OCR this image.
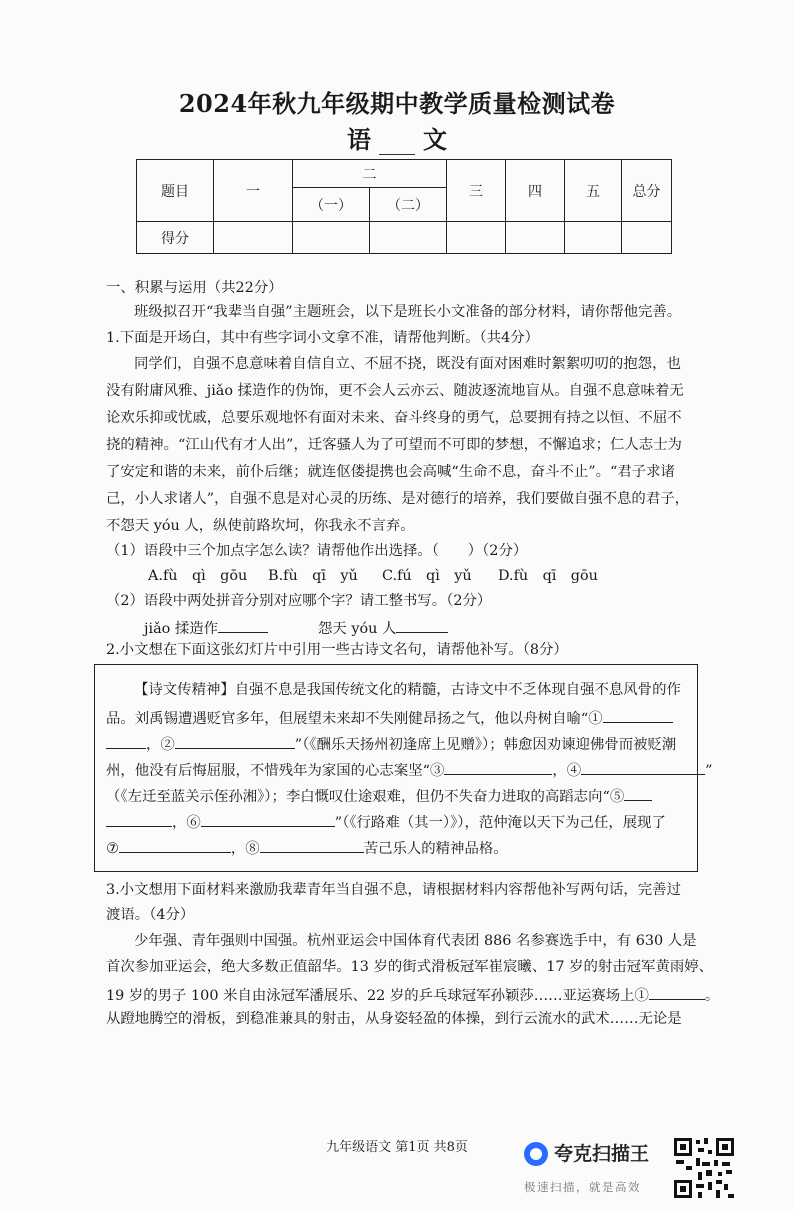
2024年秋九年级期中教学质量检测试卷
语 文
题目	一	二		三	四	五	总分
		（一）	（二）				
得分							
一、积累与运用（共22分）
班级拟召开“我辈当自强”主题班会，以下是班长小文准备的部分材料，请你帮他完善。
1.下面是开场白，其中有些字词小文拿不准，请帮他判断。（共4分）
同学们，自强不息意味着自信自立、不屈不挠，既没有面对困难时絮絮叨叨的抱怨，也
没有附庸风雅、jiǎo 揉造作的伪饰，更不会人云亦云、随波逐流地盲从。自强不息意味着无
论欢乐抑或忧戚，总要乐观地怀有面对未来、奋斗终身的勇气，总要拥有持之以恒、不屈不
挠的精神。“江山代有才人出”，迁客骚人为了可望而不可即的梦想，不懈追求；仁人志士为
了安定和谐的未来，前仆后继；就连伛偻提携也会高喊“生命不息，奋斗不止”。“君子求诸
己，小人求诸人”，自强不息是对心灵的历练、是对德行的培养，我们要做自强不息的君子，
不怨天 yóu 人，纵使前路坎坷，你我永不言弃。
（1）语段中三个加点字怎么读？请帮他作出选择。（　　）（2分）
A.fù　qì　gōu B.fù　qī　yǔ C.fú　qì　yǔ D.fù　qī　gōu
（2）语段中两处拼音分别对应哪个字？请工整书写。（2分）
jiǎo 揉造作	怨天 yóu 人
2.小文想在下面这张幻灯片中引用一些古诗文名句，请帮他补写。（8分）
【诗文传精神】自强不息是我国传统文化的精髓，古诗文中不乏体现自强不息风骨的作
品。刘禹锡遭遇贬官多年，但展望未来却不失刚健昂扬之气，他以舟树自喻“①
，②	”（《酬乐天扬州初逢席上见赠》）；韩愈因劝谏迎佛骨而被贬潮
州，他没有后悔屈服，不惜残年为家国的心志案坚“③	，④	”
（《左迁至蓝关示侄孙湘》）；李白慨叹仕途艰难，但仍不失奋力进取的高蹈志向“⑤
，⑥	”（《行路难（其一）》），范仲淹以天下为己任，展现了
⑦	，⑧	苦己乐人的精神品格。
3.小文想用下面材料来激励我辈青年当自强不息，请根据材料内容帮他补写两句话，完善过
渡语。（4分）
少年强、青年强则中国强。杭州亚运会中国体育代表团 886 名参赛选手中，有 630 人是
首次参加亚运会，绝大多数正值韶华。13 岁的街式滑板冠军崔宸曦、17 岁的射击冠军黄雨婷、
19 岁的男子 100 米自由泳冠军潘展乐、22 岁的乒乓球冠军孙颖莎……亚运赛场上①	。
从蹬地腾空的滑板，到稳准兼具的射击，从身姿轻盈的体操，到行云流水的武术……无论是
九年级语文 第1页 共8页	夸克扫描王
极速扫描，就是高效
